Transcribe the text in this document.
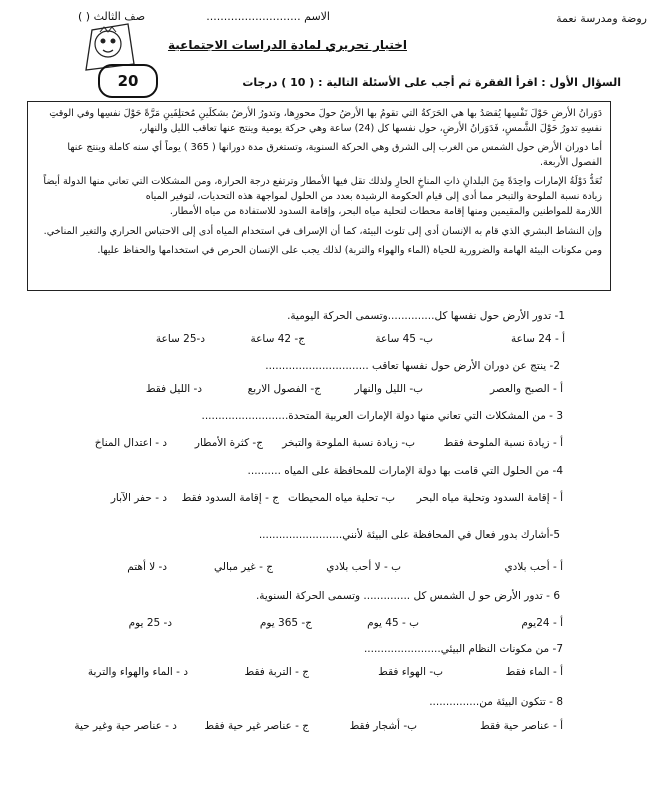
روضة ومدرسة نعمة
الاسم ...........................
صف الثالث ( )
اختبار تحريري لمادة الدراسات الاجتماعية
20	السؤال الأول : اقرأ الفقرة ثم أجب على الأسئلة التالية : ( 10 ) درجات

دَوَرانُ الأرضِ حَوْلَ نَفْسِها يُقصَدُ بها هي الحَرَكةُ التي تقومُ بها الأرضُ حولَ محورِها، وتدورُ الأرضُ بشكلَينِ مُختلِفَينِ مَرَّةً حَوْلَ نفسِها وفي الوقتِ نفسِهِ تدورُ حَوْلَ الشَّمسِ، فَدَوَرانُ الأرضِ، حول نفسها كل (24) ساعة وهي حركة يومية وينتج عنها تعاقب الليل والنهار،

أما دوران الأرض حول الشمس من الغرب إلى الشرق وهي الحركة السنوية، وتستغرق مدة دورانها ( 365 ) يوماً أي سنه كاملة وينتج عنها الفصول الأربعة.

تُعَدُّ دَوْلَةُ الإمارات واحِدَةً مِنَ البلدانِ ذاتِ المناخِ الحارِ ولذلك تقل فيها الأمطار وترتفع درجة الحرارة، ومن المشكلات التي تعاني منها الدولة أيضاً زيادة نسبة الملوحة والتبخر مما أدى إلى قيام الحكومة الرشيدة بعدد من الحلول لمواجهة هذه التحديات، لتوفير المياه

اللازمة للمواطنين والمقيمين ومنها إقامة محطات لتحلية مياه البحر، وإقامة السدود للاستفادة من مياه الأمطار.

وإن النشاط البشري الذي قام به الإنسان أدى إلى تلوث البيئة، كما أن الإسراف في استخدام المياه أدى إلى الاحتباس الحراري والتغير المناخي.

ومن مكونات البيئة الهامة والضرورية للحياة (الماء والهواء والتربة) لذلك يجب على الإنسان الحرص في استخدامها والحفاظ عليها.

1- تدور الأرض حول نفسها كل..............وتسمى الحركة اليومية.
أ - 24 ساعة
ب- 45 ساعة
ج- 42 ساعة
د-25 ساعة
2- ينتج عن دوران الأرض حول نفسها تعاقب ...............................
أ - الصبح والعصر
ب- الليل والنهار
ج- الفصول الاربع
د- الليل فقط
3 - من المشكلات التي تعاني منها دولة الإمارات العربية المتحدة..........................
أ - زيادة نسبة الملوحة فقط
ب- زيادة نسبة الملوحة والتبخر
ج- كثرة الأمطار
د - اعتدال المناخ
4- من الحلول التي قامت بها دولة الإمارات للمحافظة على المياه ..........
أ - إقامة السدود وتحلية مياه البحر
ب- تحلية مياه المحيطات
ج - إقامة السدود فقط
د - حفر الآبار
5-أشارك بدور فعال في المحافظة على البيئة لأنني.........................
أ - أحب بلادي
ب - لا أحب بلادي
ج - غير مبالي
د- لا أهتم
6 - تدور الأرض حو ل الشمس كل .............. وتسمى الحركة السنوية.
أ - 24يوم
ب - 45 يوم
ج- 365 يوم
د- 25 يوم
7- من مكونات النظام البيئي.......................
أ - الماء فقط
ب- الهواء فقط
ج - التربة فقط
د - الماء والهواء والتربة
8 - تتكون البيئة من...............
أ - عناصر حية فقط
ب- أشجار فقط
ج - عناصر غير حية فقط
د - عناصر حية وغير حية
